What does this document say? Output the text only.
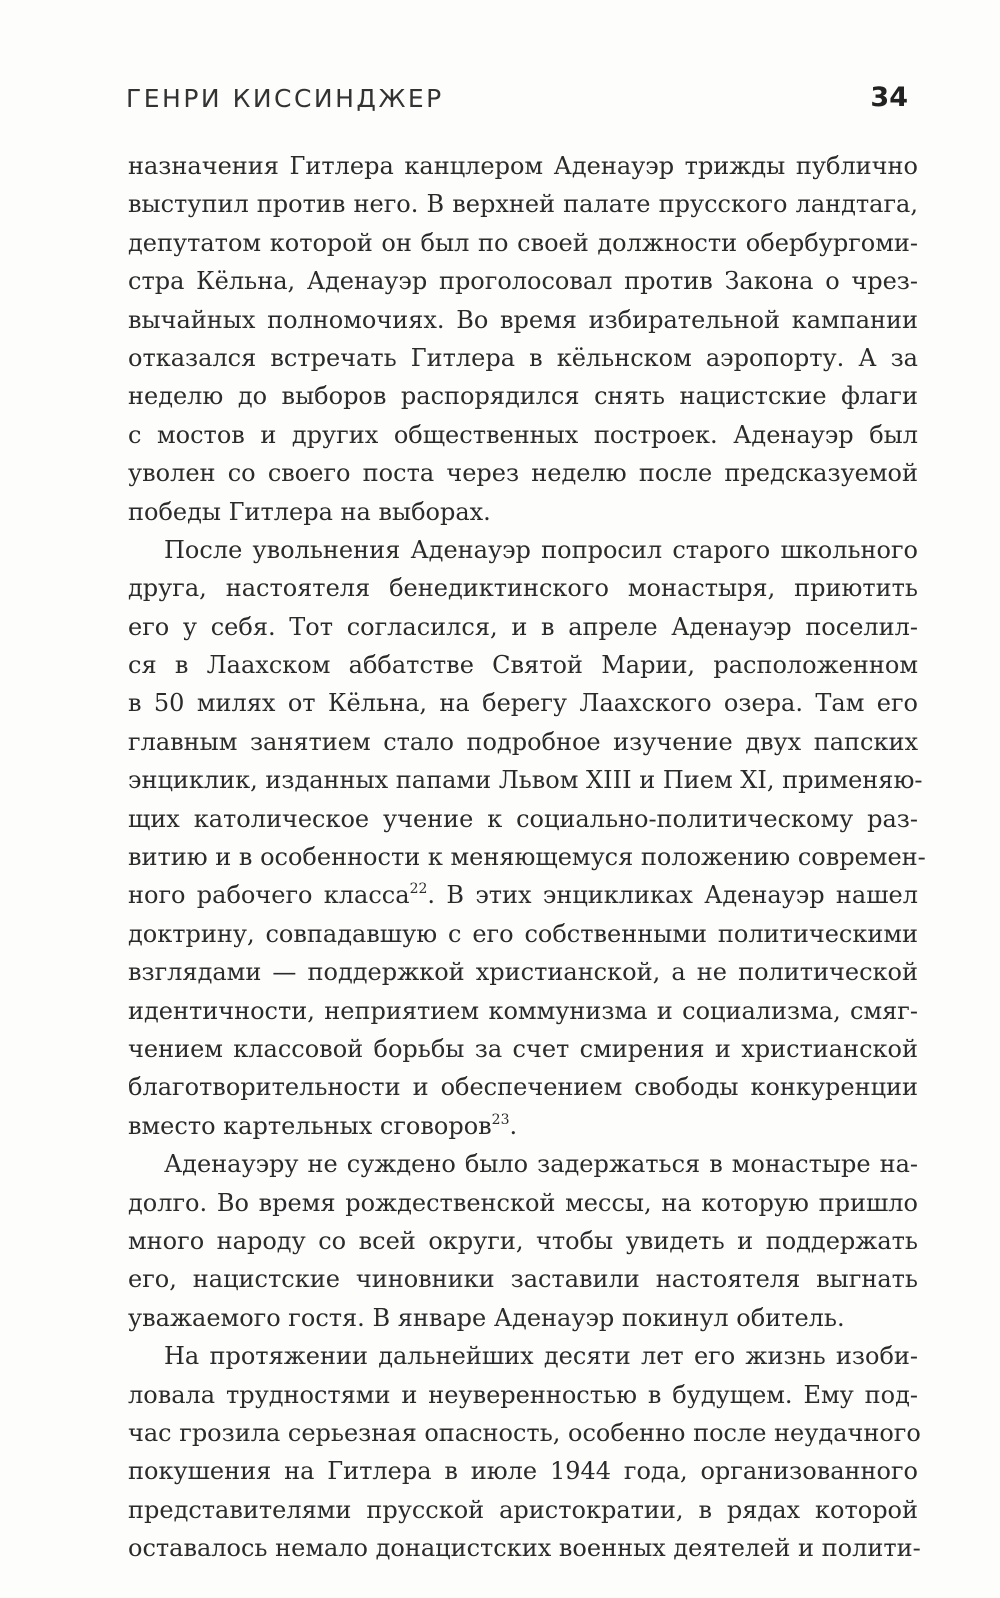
ГЕНРИ КИССИНДЖЕР	34
назначения Гитлера канцлером Аденауэр трижды публично
выступил против него. В верхней палате прусского ландтага,
депутатом которой он был по своей должности обербургоми-
стра Кёльна, Аденауэр проголосовал против Закона о чрез-
вычайных полномочиях. Во время избирательной кампании
отказался встречать Гитлера в кёльнском аэропорту. А за
неделю до выборов распорядился снять нацистские флаги
с мостов и других общественных построек. Аденауэр был
уволен со своего поста через неделю после предсказуемой
победы Гитлера на выборах.
После увольнения Аденауэр попросил старого школьного
друга, настоятеля бенедиктинского монастыря, приютить
его у себя. Тот согласился, и в апреле Аденауэр поселил-
ся в Лаахском аббатстве Святой Марии, расположенном
в 50 милях от Кёльна, на берегу Лаахского озера. Там его
главным занятием стало подробное изучение двух папских
энциклик, изданных папами Львом XIII и Пием XI, применяю-
щих католическое учение к социально-политическому раз-
витию и в особенности к меняющемуся положению современ-
ного рабочего класса$^{22}$. В этих энцикликах Аденауэр нашел
доктрину, совпадавшую с его собственными политическими
взглядами — поддержкой христианской, а не политической
идентичности, неприятием коммунизма и социализма, смяг-
чением классовой борьбы за счет смирения и христианской
благотворительности и обеспечением свободы конкуренции
вместо картельных сговоров$^{23}$.
Аденауэру не суждено было задержаться в монастыре на-
долго. Во время рождественской мессы, на которую пришло
много народу со всей округи, чтобы увидеть и поддержать
его, нацистские чиновники заставили настоятеля выгнать
уважаемого гостя. В январе Аденауэр покинул обитель.
На протяжении дальнейших десяти лет его жизнь изоби-
ловала трудностями и неуверенностью в будущем. Ему под-
час грозила серьезная опасность, особенно после неудачного
покушения на Гитлера в июле 1944 года, организованного
представителями прусской аристократии, в рядах которой
оставалось немало донацистских военных деятелей и полити-
